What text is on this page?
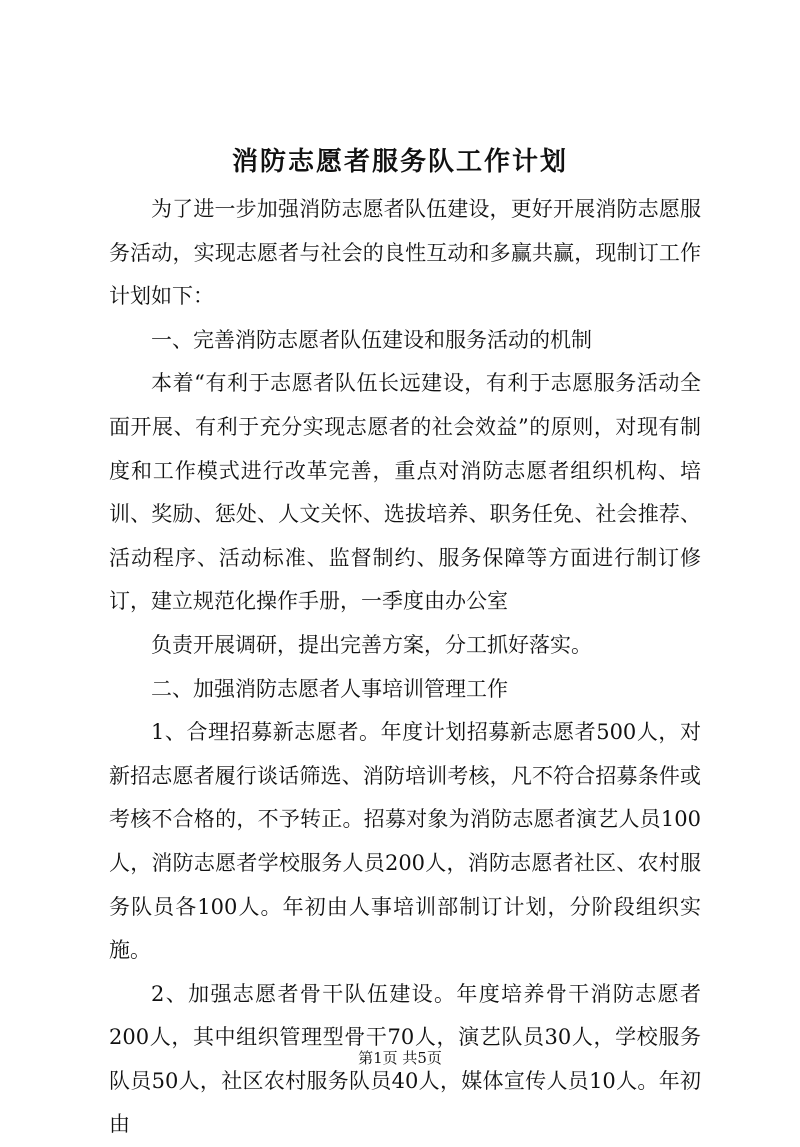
消防志愿者服务队工作计划

为了进一步加强消防志愿者队伍建设，更好开展消防志愿服务活动，实现志愿者与社会的良性互动和多赢共赢，现制订工作计划如下：

一、完善消防志愿者队伍建设和服务活动的机制

本着“有利于志愿者队伍长远建设，有利于志愿服务活动全面开展、有利于充分实现志愿者的社会效益”的原则，对现有制度和工作模式进行改革完善，重点对消防志愿者组织机构、培训、奖励、惩处、人文关怀、选拔培养、职务任免、社会推荐、活动程序、活动标准、监督制约、服务保障等方面进行制订修订，建立规范化操作手册，一季度由办公室

负责开展调研，提出完善方案，分工抓好落实。

二、加强消防志愿者人事培训管理工作

1、合理招募新志愿者。年度计划招募新志愿者500人，对新招志愿者履行谈话筛选、消防培训考核，凡不符合招募条件或考核不合格的，不予转正。招募对象为消防志愿者演艺人员100人，消防志愿者学校服务人员200人，消防志愿者社区、农村服务队员各100人。年初由人事培训部制订计划，分阶段组织实施。

2、加强志愿者骨干队伍建设。年度培养骨干消防志愿者200人，其中组织管理型骨干70人，演艺队员30人，学校服务队员50人，社区农村服务队员40人，媒体宣传人员10人。年初由

第1页 共5页
